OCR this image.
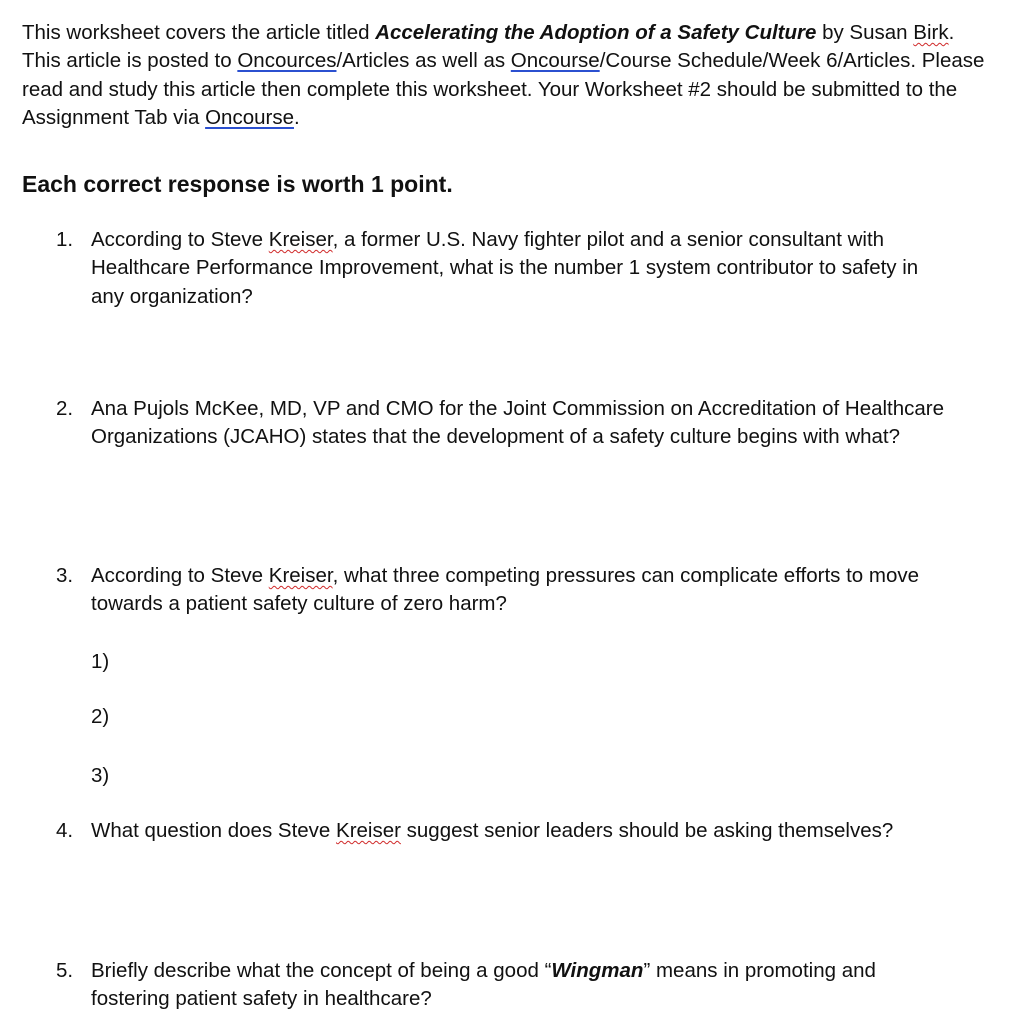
This worksheet covers the article titled Accelerating the Adoption of a Safety Culture by Susan Birk. This article is posted to Oncources/Articles as well as Oncourse/Course Schedule/Week 6/Articles. Please read and study this article then complete this worksheet. Your Worksheet #2 should be submitted to the Assignment Tab via Oncourse.

Each correct response is worth 1 point.
1. According to Steve Kreiser, a former U.S. Navy fighter pilot and a senior consultant with Healthcare Performance Improvement, what is the number 1 system contributor to safety in any organization?
2. Ana Pujols McKee, MD, VP and CMO for the Joint Commission on Accreditation of Healthcare Organizations (JCAHO) states that the development of a safety culture begins with what?
3. According to Steve Kreiser, what three competing pressures can complicate efforts to move towards a patient safety culture of zero harm?
1)
2)
3)
4. What question does Steve Kreiser suggest senior leaders should be asking themselves?
5. Briefly describe what the concept of being a good “Wingman” means in promoting and fostering patient safety in healthcare?
